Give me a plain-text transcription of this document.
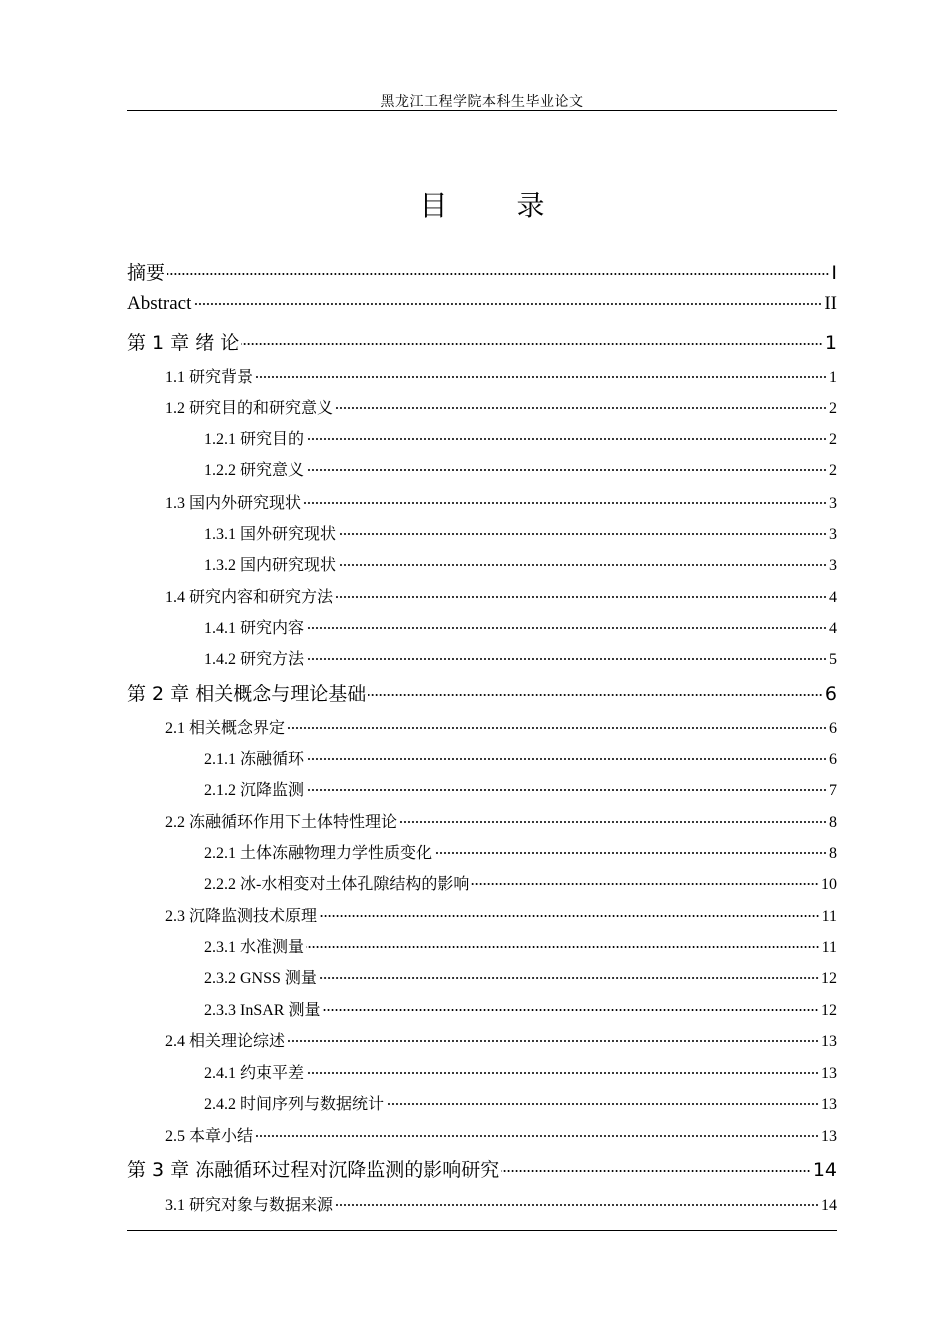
黑龙江工程学院本科生毕业论文
目 录
摘要	I
Abstract	II
第 1 章 绪 论	1
1.1 研究背景	1
1.2 研究目的和研究意义	2
1.2.1 研究目的	2
1.2.2 研究意义	2
1.3 国内外研究现状	3
1.3.1 国外研究现状	3
1.3.2 国内研究现状	3
1.4 研究内容和研究方法	4
1.4.1 研究内容	4
1.4.2 研究方法	5
第 2 章 相关概念与理论基础	6
2.1 相关概念界定	6
2.1.1 冻融循环	6
2.1.2 沉降监测	7
2.2 冻融循环作用下土体特性理论	8
2.2.1 土体冻融物理力学性质变化	8
2.2.2 冰-水相变对土体孔隙结构的影响	10
2.3 沉降监测技术原理	11
2.3.1 水准测量	11
2.3.2 GNSS 测量	12
2.3.3 InSAR 测量	12
2.4 相关理论综述	13
2.4.1 约束平差	13
2.4.2 时间序列与数据统计	13
2.5 本章小结	13
第 3 章 冻融循环过程对沉降监测的影响研究	14
3.1 研究对象与数据来源	14
